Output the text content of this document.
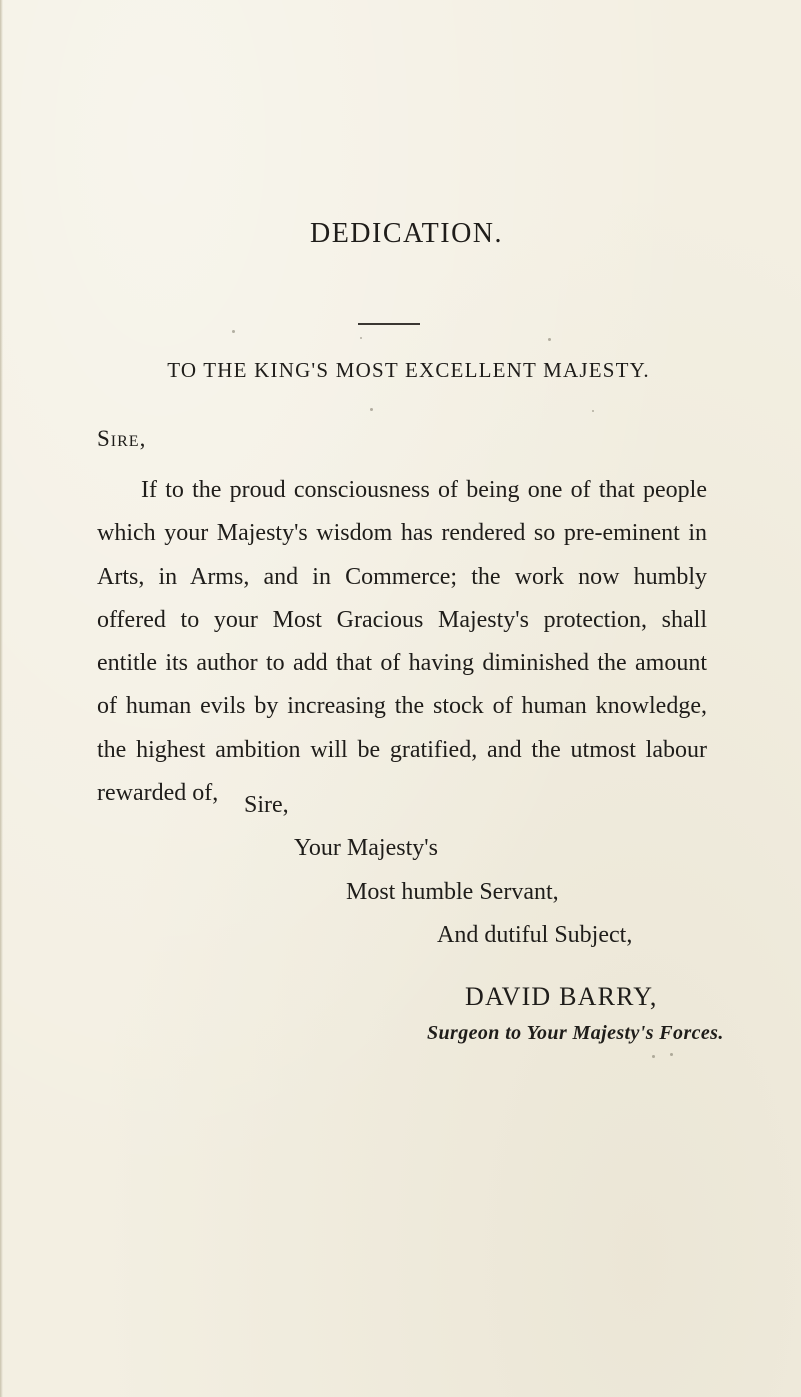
DEDICATION.
TO THE KING'S MOST EXCELLENT MAJESTY.
Sire,

If to the proud consciousness of being one of that people which your Majesty's wisdom has rendered so pre-eminent in Arts, in Arms, and in Commerce; the work now humbly offered to your Most Gracious Majesty's protection, shall entitle its author to add that of having diminished the amount of human evils by increasing the stock of human knowledge, the highest ambition will be gratified, and the utmost labour rewarded of,	Sire,
Your Majesty's
Most humble Servant,
And dutiful Subject,
DAVID BARRY,
Surgeon to Your Majesty's Forces.
